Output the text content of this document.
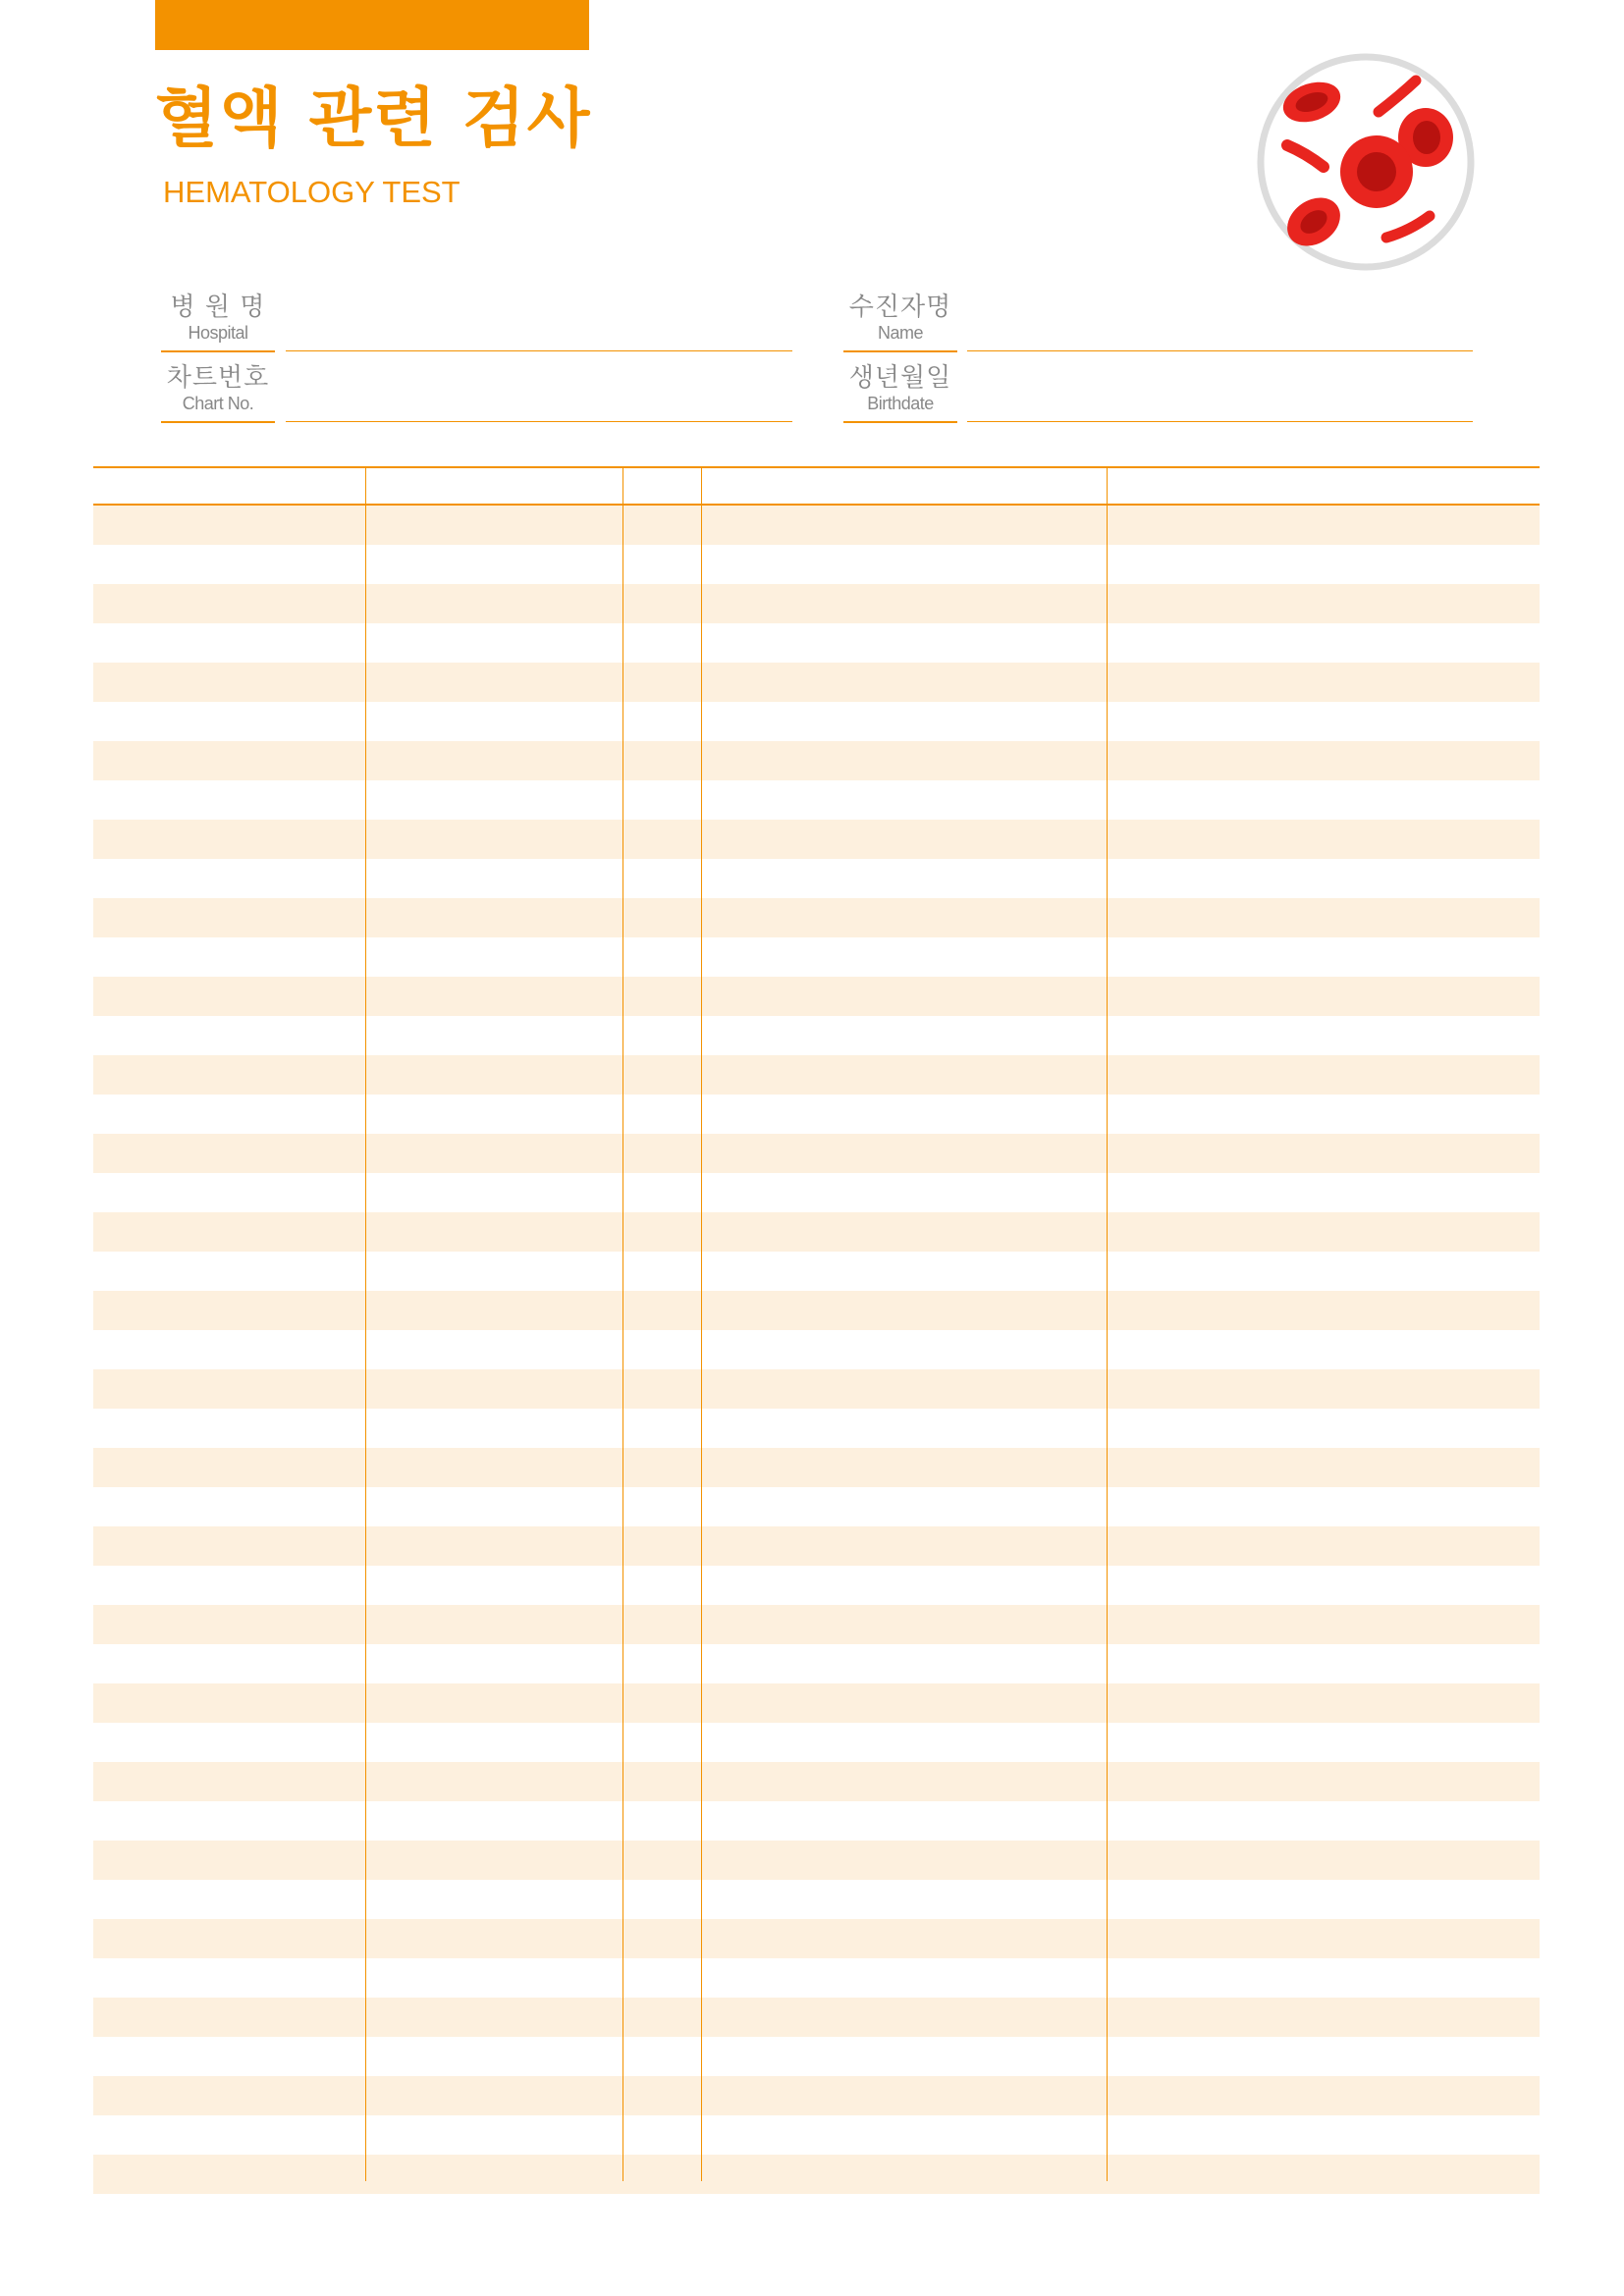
혈액 관련 검사
HEMATOLOGY TEST
병 원 명
Hospital
수진자명
Name
차트번호
Chart No.
생년월일
Birthdate
